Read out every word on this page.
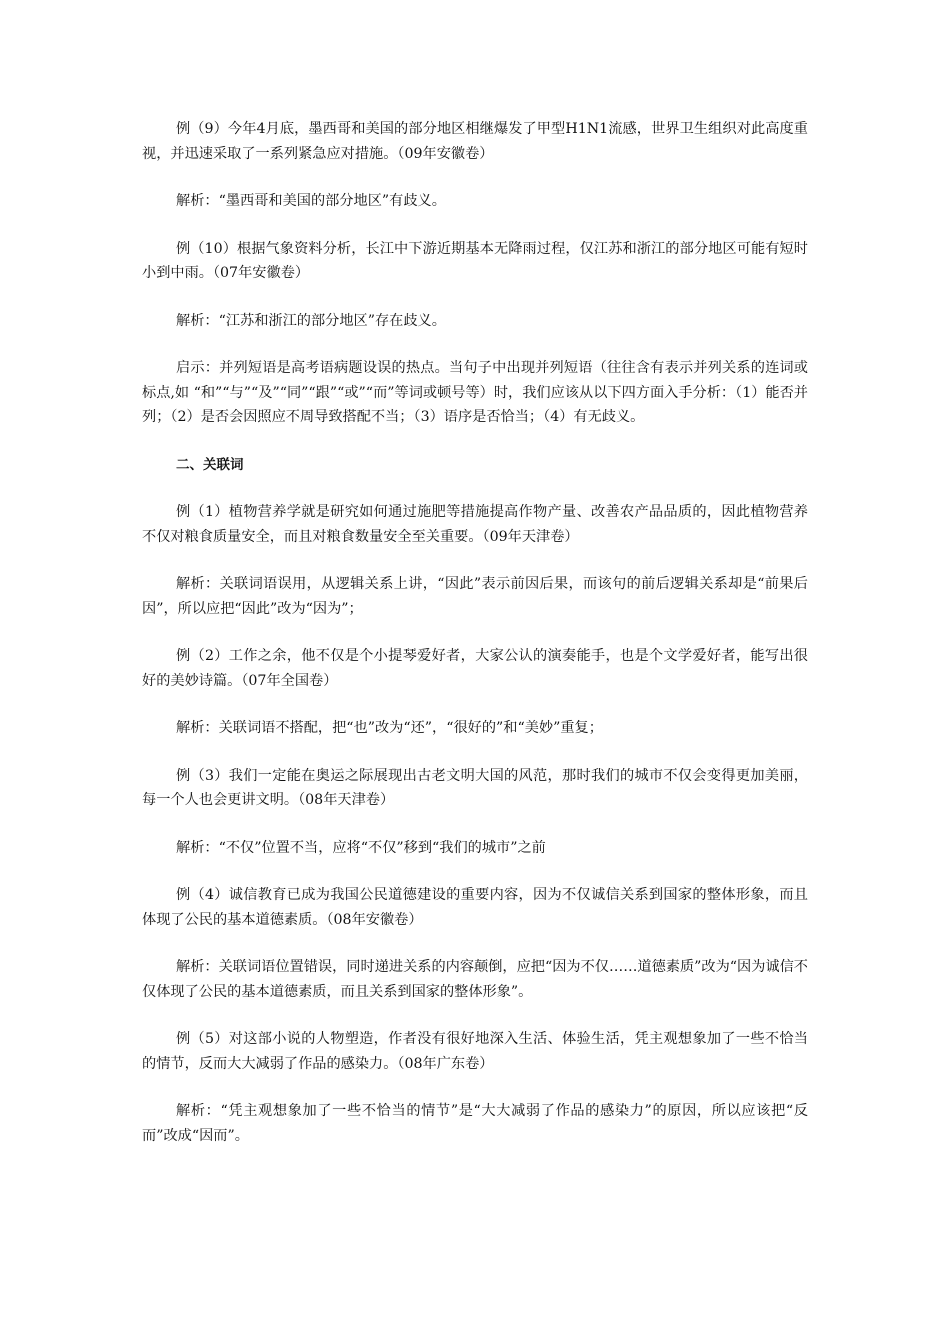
例（9）今年4月底，墨西哥和美国的部分地区相继爆发了甲型H1N1流感，世界卫生组织对此高度重视，并迅速采取了一系列紧急应对措施。（09年安徽卷）

解析：“墨西哥和美国的部分地区”有歧义。

例（10）根据气象资料分析，长江中下游近期基本无降雨过程，仅江苏和浙江的部分地区可能有短时小到中雨。（07年安徽卷）

解析：“江苏和浙江的部分地区”存在歧义。

启示：并列短语是高考语病题设误的热点。当句子中出现并列短语（往往含有表示并列关系的连词或标点,如 “和”“与”“及”“同”“跟”“或”“而”等词或顿号等）时，我们应该从以下四方面入手分析：（1）能否并列；（2）是否会因照应不周导致搭配不当；（3）语序是否恰当；（4）有无歧义。

二、关联词

例（1）植物营养学就是研究如何通过施肥等措施提高作物产量、改善农产品品质的，因此植物营养不仅对粮食质量安全，而且对粮食数量安全至关重要。（09年天津卷）

解析：关联词语误用，从逻辑关系上讲，“因此”表示前因后果，而该句的前后逻辑关系却是“前果后因”，所以应把“因此”改为“因为”；

例（2）工作之余，他不仅是个小提琴爱好者，大家公认的演奏能手，也是个文学爱好者，能写出很好的美妙诗篇。（07年全国卷）

解析：关联词语不搭配，把“也”改为“还”，“很好的”和“美妙”重复；

例（3）我们一定能在奥运之际展现出古老文明大国的风范，那时我们的城市不仅会变得更加美丽，每一个人也会更讲文明。（08年天津卷）

解析：“不仅”位置不当，应将“不仅”移到“我们的城市”之前

例（4）诚信教育已成为我国公民道德建设的重要内容，因为不仅诚信关系到国家的整体形象，而且体现了公民的基本道德素质。（08年安徽卷）

解析：关联词语位置错误，同时递进关系的内容颠倒，应把“因为不仅……道德素质”改为“因为诚信不仅体现了公民的基本道德素质，而且关系到国家的整体形象”。

例（5）对这部小说的人物塑造，作者没有很好地深入生活、体验生活，凭主观想象加了一些不恰当的情节，反而大大减弱了作品的感染力。（08年广东卷）

解析：“凭主观想象加了一些不恰当的情节”是“大大减弱了作品的感染力”的原因，所以应该把“反而”改成“因而”。
